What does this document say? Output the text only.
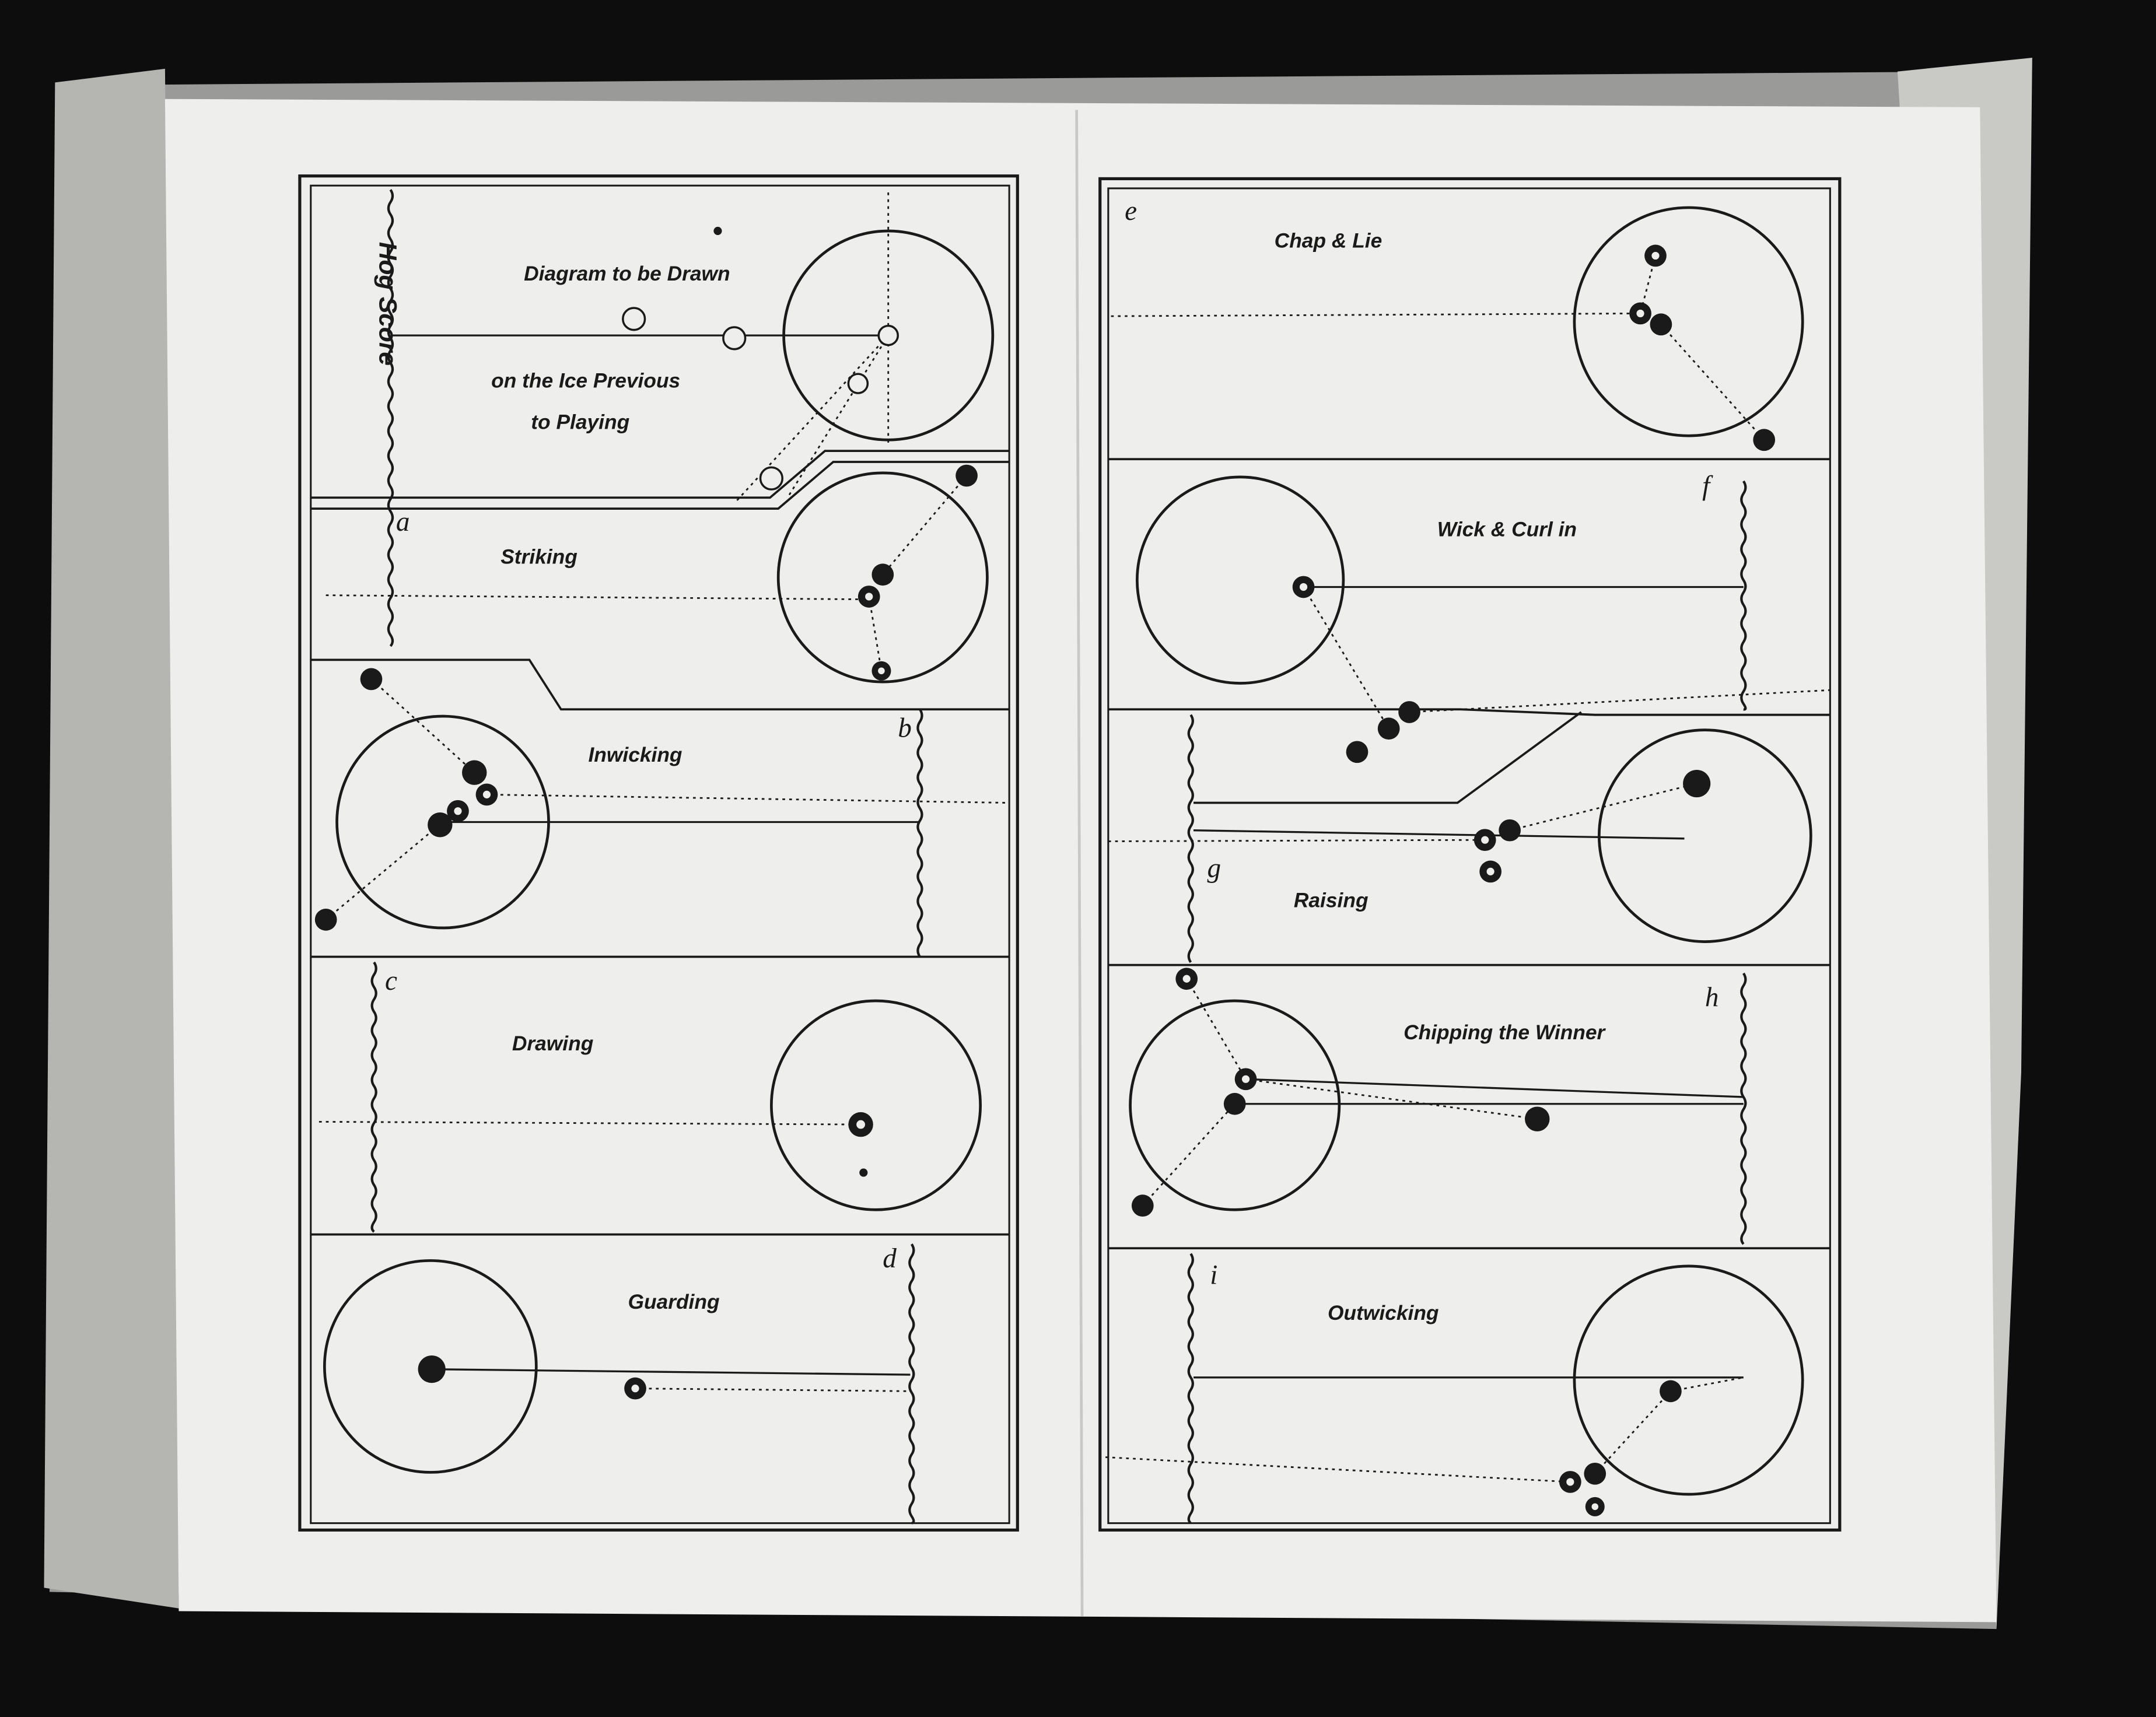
Hog Score	Diagram to be Drawn
on the Ice Previous
to Playing
a
Striking
b
Inwicking
c
Drawing
d
Guarding
e
Chap & Lie
f
Wick & Curl in
g
Raising
h
Chipping the Winner
i
Outwicking
